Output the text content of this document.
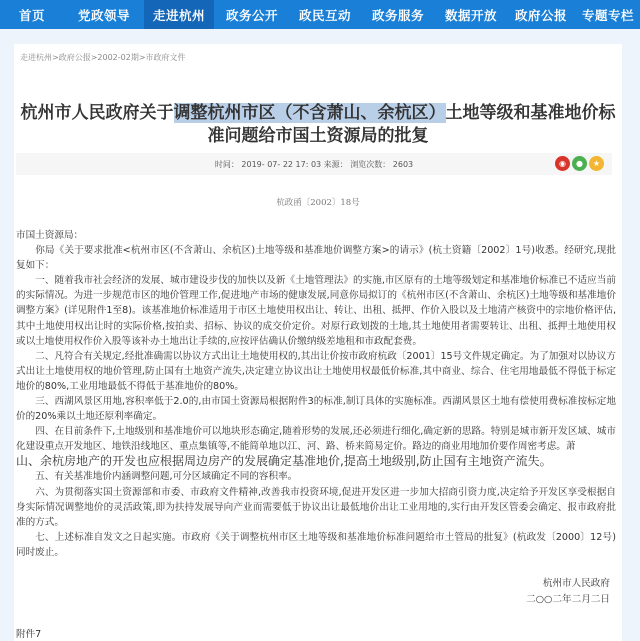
首页	党政领导	走进杭州	政务公开	政民互动	政务服务	数据开放	政府公报	专题专栏
走进杭州>政府公报>2002-02期>市政府文件
杭州市人民政府关于调整杭州市区（不含萧山、余杭区）土地等级和基准地价标准问题给市国土资源局的批复
时间： 2019- 07- 22 17: 03 来源： 浏览次数： 2603	◉	●	★
杭政函〔2002〕18号

市国土资源局：

你局《关于要求批准<杭州市区(不含萧山、余杭区)土地等级和基准地价调整方案>的请示》(杭土资籍〔2002〕1号)收悉。经研究,现批复如下：

一、随着我市社会经济的发展、城市建设步伐的加快以及新《土地管理法》的实施,市区原有的土地等级划定和基准地价标准已不适应当前的实际情况。为进一步规范市区的地价管理工作,促进地产市场的健康发展,同意你局拟订的《杭州市区(不含萧山、余杭区)土地等级和基准地价调整方案》(详见附件1至8)。该基准地价标准适用于市区土地使用权出让、转让、出租、抵押、作价入股以及土地清产核资中的宗地价格评估,其中土地使用权出让时的实际价格,按拍卖、招标、协议的成交价定价。对原行政划拨的土地,其土地使用者需要转让、出租、抵押土地使用权或以土地使用权作价入股等该补办土地出让手续的,应按评估确认价缴纳级差地租和市政配套费。

二、凡符合有关规定,经批准确需以协议方式出让土地使用权的,其出让价按市政府杭政〔2001〕15号文件规定确定。为了加强对以协议方式出让土地使用权的地价管理,防止国有土地资产流失,决定建立协议出让土地使用权最低价标准,其中商业、综合、住宅用地最低不得低于标定地价的80%,工业用地最低不得低于基准地价的80%。

三、西湖风景区用地,容积率低于2.0的,由市国土资源局根据附件3的标准,制订具体的实施标准。西湖风景区土地有偿使用费标准按标定地价的20%乘以土地还原利率确定。

四、在目前条件下,土地级别和基准地价可以地块形态确定,随着形势的发展,还必须进行细化,确定新的思路。特别是城市新开发区域、城市化建设重点开发地区、地铁沿线地区、重点集镇等,不能简单地以江、河、路、桥来简易定价。路边的商业用地加价要作周密考虑。萧

山、余杭房地产的开发也应根据周边房产的发展确定基准地价,提高土地级别,防止国有主地资产流失。

五、有关基准地价内涵调整问题,可分区域确定不同的容积率。

六、为贯彻落实国土资源部和市委、市政府文件精神,改善我市投资环境,促进开发区进一步加大招商引资力度,决定给予开发区享受根据自身实际情况调整地价的灵活政策,即为扶持发展导向产业而需要低于协议出让最低地价出让工业用地的,实行由开发区管委会确定、报市政府批准的方式。

七、上述标准自发文之日起实施。市政府《关于调整杭州市区土地等级和基准地价标准问题给市土管局的批复》(杭政发〔2000〕12号)同时废止。

杭州市人民政府
二○○二年二月二日
附件7
